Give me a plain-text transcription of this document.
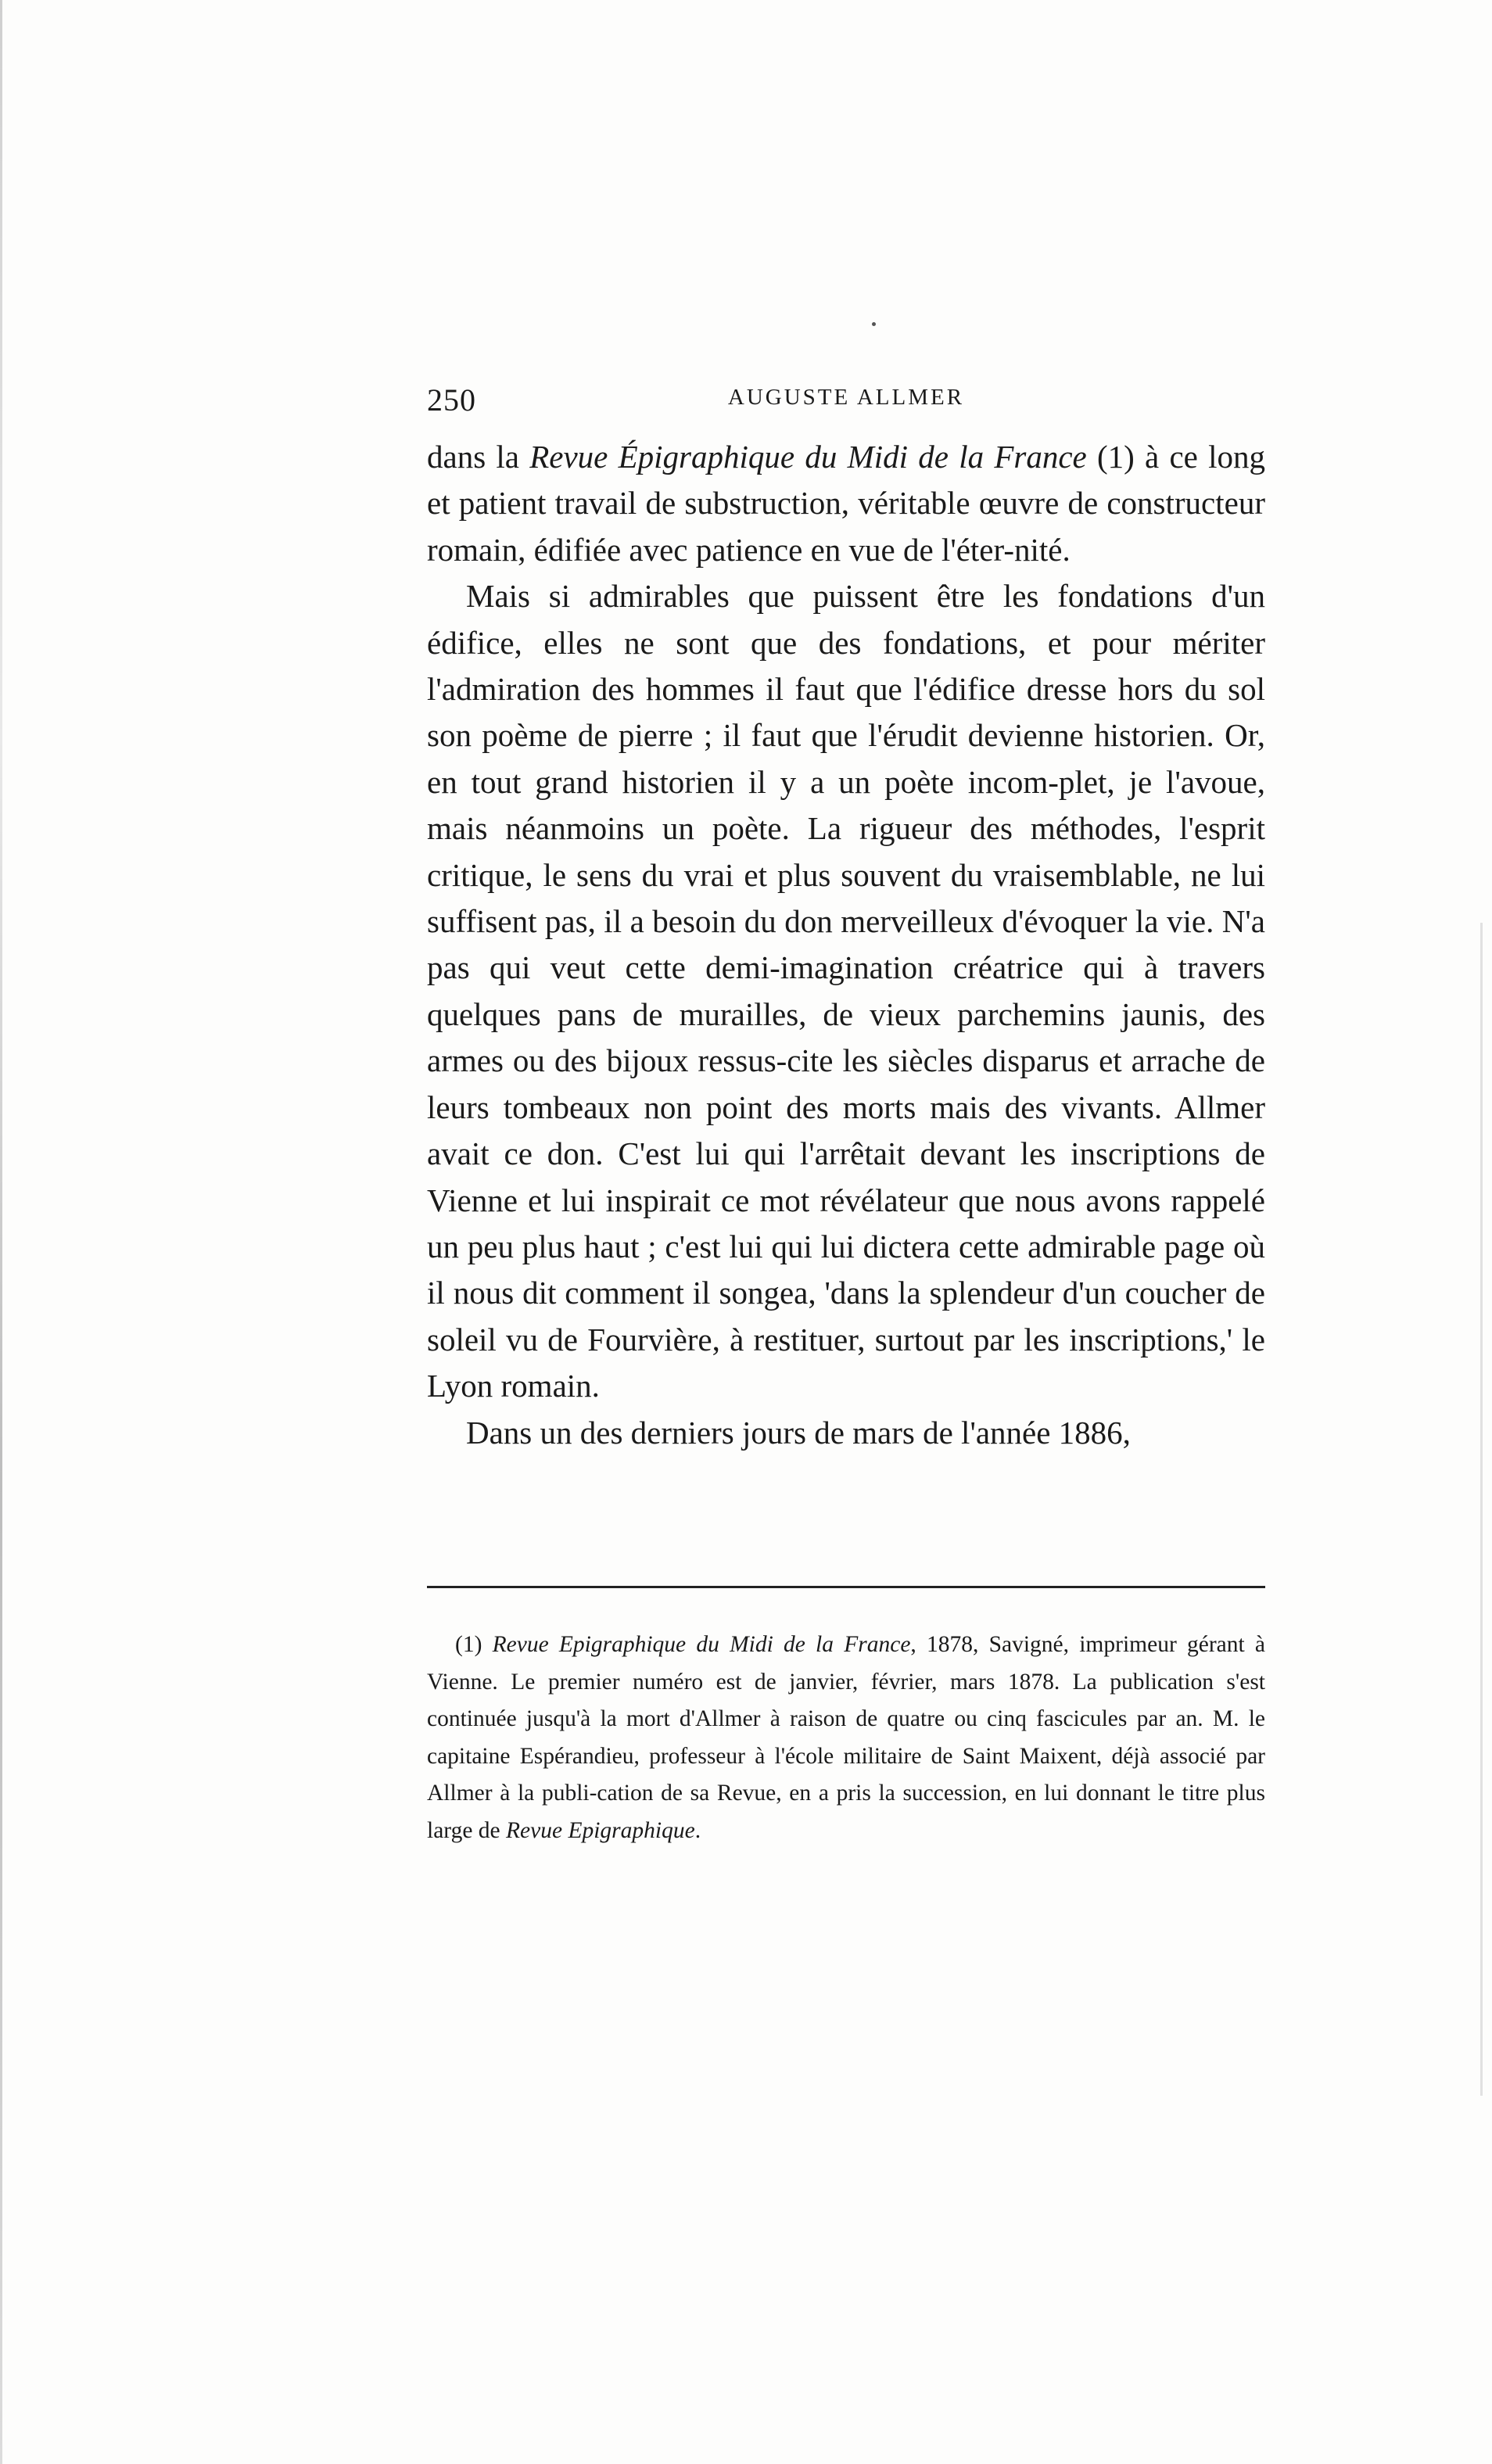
250	AUGUSTE ALLMER

dans la Revue Épigraphique du Midi de la France (1) à ce long et patient travail de substruction, véritable œuvre de constructeur romain, édifiée avec patience en vue de l'éter-nité.

Mais si admirables que puissent être les fondations d'un édifice, elles ne sont que des fondations, et pour mériter l'admiration des hommes il faut que l'édifice dresse hors du sol son poème de pierre ; il faut que l'érudit devienne historien. Or, en tout grand historien il y a un poète incom-plet, je l'avoue, mais néanmoins un poète. La rigueur des méthodes, l'esprit critique, le sens du vrai et plus souvent du vraisemblable, ne lui suffisent pas, il a besoin du don merveilleux d'évoquer la vie. N'a pas qui veut cette demi-imagination créatrice qui à travers quelques pans de murailles, de vieux parchemins jaunis, des armes ou des bijoux ressus-cite les siècles disparus et arrache de leurs tombeaux non point des morts mais des vivants. Allmer avait ce don. C'est lui qui l'arrêtait devant les inscriptions de Vienne et lui inspirait ce mot révélateur que nous avons rappelé un peu plus haut ; c'est lui qui lui dictera cette admirable page où il nous dit comment il songea, 'dans la splendeur d'un coucher de soleil vu de Fourvière, à restituer, surtout par les inscriptions,' le Lyon romain.

Dans un des derniers jours de mars de l'année 1886,

(1) Revue Epigraphique du Midi de la France, 1878, Savigné, imprimeur gérant à Vienne. Le premier numéro est de janvier, février, mars 1878. La publication s'est continuée jusqu'à la mort d'Allmer à raison de quatre ou cinq fascicules par an. M. le capitaine Espérandieu, professeur à l'école militaire de Saint Maixent, déjà associé par Allmer à la publi-cation de sa Revue, en a pris la succession, en lui donnant le titre plus large de Revue Epigraphique.
